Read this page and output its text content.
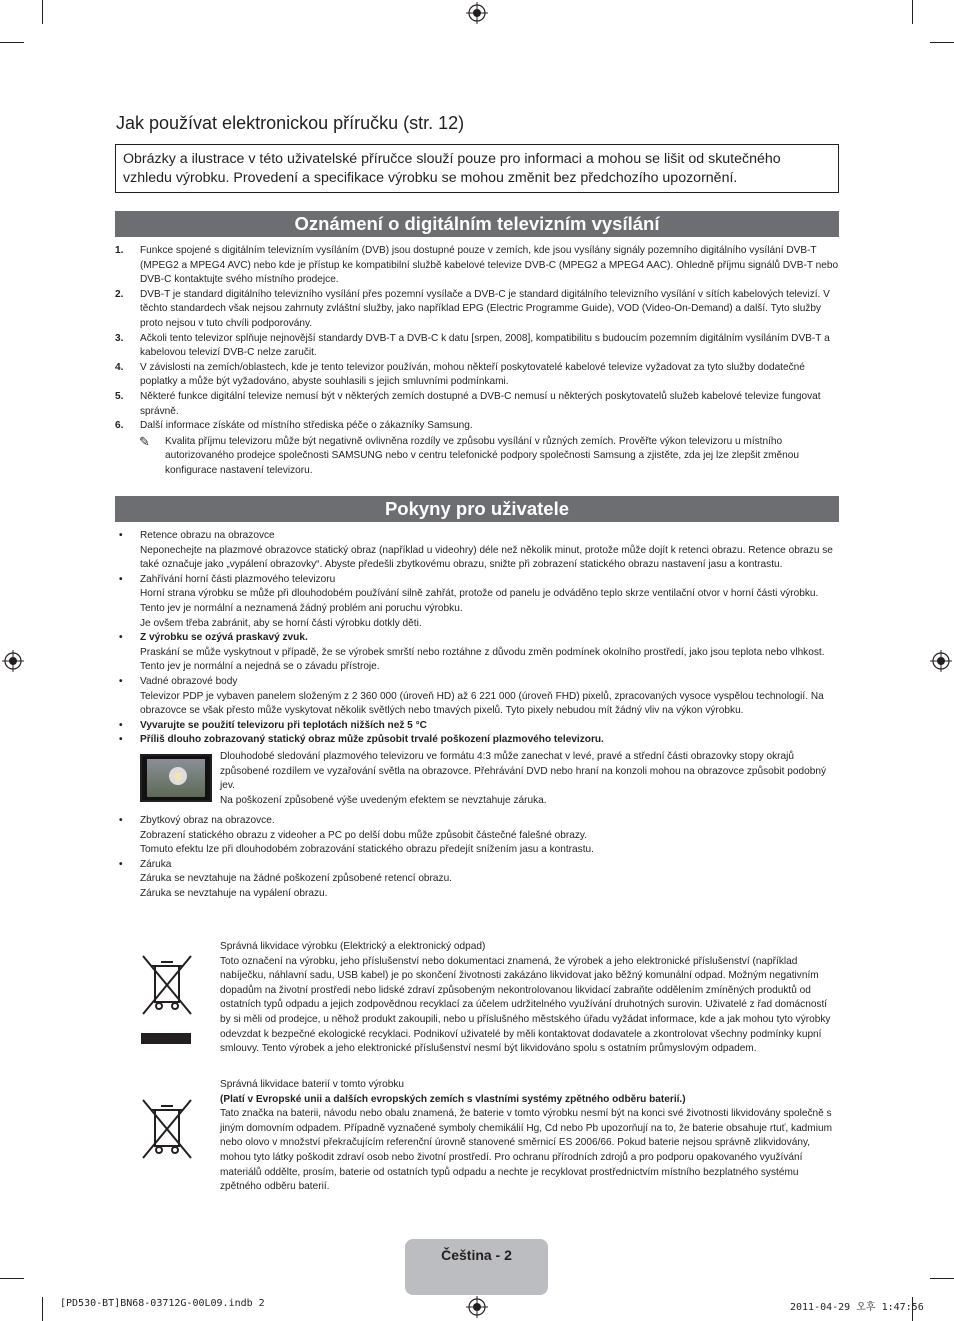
Jak používat elektronickou příručku (str. 12)
Obrázky a ilustrace v této uživatelské příručce slouží pouze pro informaci a mohou se lišit od skutečného vzhledu výrobku. Provedení a specifikace výrobku se mohou změnit bez předchozího upozornění.
Oznámení o digitálním televizním vysílání
1. Funkce spojené s digitálním televizním vysíláním (DVB) jsou dostupné pouze v zemích, kde jsou vysílány signály pozemního digitálního vysílání DVB-T (MPEG2 a MPEG4 AVC) nebo kde je přístup ke kompatibilní službě kabelové televize DVB-C (MPEG2 a MPEG4 AAC). Ohledně příjmu signálů DVB-T nebo DVB-C kontaktujte svého místního prodejce.
2. DVB-T je standard digitálního televizního vysílání přes pozemní vysílače a DVB-C je standard digitálního televizního vysílání v sítích kabelových televizí. V těchto standardech však nejsou zahrnuty zvláštní služby, jako například EPG (Electric Programme Guide), VOD (Video-On-Demand) a další. Tyto služby proto nejsou v tuto chvíli podporovány.
3. Ačkoli tento televizor splňuje nejnovější standardy DVB-T a DVB-C k datu [srpen, 2008], kompatibilitu s budoucím pozemním digitálním vysíláním DVB-T a kabelovou televizí DVB-C nelze zaručit.
4. V závislosti na zemích/oblastech, kde je tento televizor používán, mohou někteří poskytovatelé kabelové televize vyžadovat za tyto služby dodatečné poplatky a může být vyžadováno, abyste souhlasili s jejich smluvními podmínkami.
5. Některé funkce digitální televize nemusí být v některých zemích dostupné a DVB-C nemusí u některých poskytovatelů služeb kabelové televize fungovat správně.
6. Další informace získáte od místního střediska péče o zákazníky Samsung.
✎ Kvalita příjmu televizoru může být negativně ovlivněna rozdíly ve způsobu vysílání v různých zemích. Prověřte výkon televizoru u místního autorizovaného prodejce společnosti SAMSUNG nebo v centru telefonické podpory společnosti Samsung a zjistěte, zda jej lze zlepšit změnou konfigurace nastavení televizoru.
Pokyny pro uživatele
• Retence obrazu na obrazovce
Neponechejte na plazmové obrazovce statický obraz (například u videohry) déle než několik minut, protože může dojít k retenci obrazu. Retence obrazu se také označuje jako „vypálení obrazovky“. Abyste předešli zbytkovému obrazu, snižte při zobrazení statického obrazu nastavení jasu a kontrastu.
• Zahřívání horní části plazmového televizoru
Horní strana výrobku se může při dlouhodobém používání silně zahřát, protože od panelu je odváděno teplo skrze ventilační otvor v horní části výrobku.
Tento jev je normální a neznamená žádný problém ani poruchu výrobku.
Je ovšem třeba zabránit, aby se horní části výrobku dotkly děti.
• Z výrobku se ozývá praskavý zvuk.
Praskání se může vyskytnout v případě, že se výrobek smrští nebo roztáhne z důvodu změn podmínek okolního prostředí, jako jsou teplota nebo vlhkost. Tento jev je normální a nejedná se o závadu přístroje.
• Vadné obrazové body
Televizor PDP je vybaven panelem složeným z 2 360 000 (úroveň HD) až 6 221 000 (úroveň FHD) pixelů, zpracovaných vysoce vyspělou technologií. Na obrazovce se však přesto může vyskytovat několik světlých nebo tmavých pixelů. Tyto pixely nebudou mít žádný vliv na výkon výrobku.
• Vyvarujte se použití televizoru při teplotách nižších než 5 °C
• Příliš dlouho zobrazovaný statický obraz může způsobit trvalé poškození plazmového televizoru.
Dlouhodobé sledování plazmového televizoru ve formátu 4:3 může zanechat v levé, pravé a střední části obrazovky stopy okrajů způsobené rozdílem ve vyzařování světla na obrazovce. Přehrávání DVD nebo hraní na konzoli mohou na obrazovce způsobit podobný jev.
Na poškození způsobené výše uvedeným efektem se nevztahuje záruka.
• Zbytkový obraz na obrazovce.
Zobrazení statického obrazu z videoher a PC po delší dobu může způsobit částečné falešné obrazy.
Tomuto efektu lze při dlouhodobém zobrazování statického obrazu předejít snížením jasu a kontrastu.
• Záruka
Záruka se nevztahuje na žádné poškození způsobené retencí obrazu.
Záruka se nevztahuje na vypálení obrazu.
Správná likvidace výrobku (Elektrický a elektronický odpad)
Toto označení na výrobku, jeho příslušenství nebo dokumentaci znamená, že výrobek a jeho elektronické příslušenství (například nabíječku, náhlavní sadu, USB kabel) je po skončení životnosti zakázáno likvidovat jako běžný komunální odpad. Možným negativním dopadům na životní prostředí nebo lidské zdraví způsobeným nekontrolovanou likvidací zabraňte oddělením zmíněných produktů od ostatních typů odpadu a jejich zodpovědnou recyklací za účelem udržitelného využívání druhotných surovin. Uživatelé z řad domácností by si měli od prodejce, u něhož produkt zakoupili, nebo u příslušného městského úřadu vyžádat informace, kde a jak mohou tyto výrobky odevzdat k bezpečné ekologické recyklaci. Podnikoví uživatelé by měli kontaktovat dodavatele a zkontrolovat všechny podmínky kupní smlouvy. Tento výrobek a jeho elektronické příslušenství nesmí být likvidováno spolu s ostatním průmyslovým odpadem.
Správná likvidace baterií v tomto výrobku
(Platí v Evropské unii a dalších evropských zemích s vlastními systémy zpětného odběru baterií.)
Tato značka na baterii, návodu nebo obalu znamená, že baterie v tomto výrobku nesmí být na konci své životnosti likvidovány společně s jiným domovním odpadem. Případně vyznačené symboly chemikálií Hg, Cd nebo Pb upozorňují na to, že baterie obsahuje rtuť, kadmium nebo olovo v množství překračujícím referenční úrovně stanovené směrnicí ES 2006/66. Pokud baterie nejsou správně zlikvidovány, mohou tyto látky poškodit zdraví osob nebo životní prostředí. Pro ochranu přírodních zdrojů a pro podporu opakovaného využívání materiálů oddělte, prosím, baterie od ostatních typů odpadu a nechte je recyklovat prostřednictvím místního bezplatného systému zpětného odběru baterií.
Čeština - 2
[PD530-BT]BN68-03712G-00L09.indb 2	2011-04-29 오후 1:47:56
